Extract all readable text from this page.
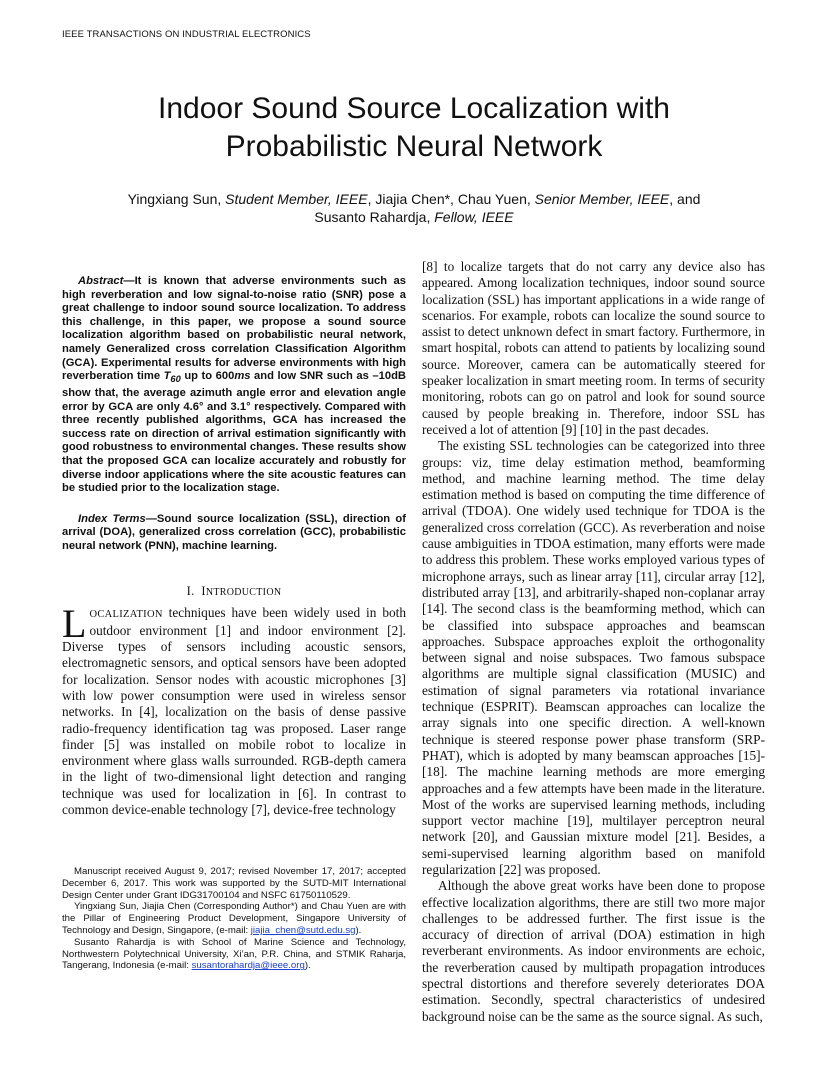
IEEE TRANSACTIONS ON INDUSTRIAL ELECTRONICS
Indoor Sound Source Localization with
Probabilistic Neural Network
Yingxiang Sun, Student Member, IEEE, Jiajia Chen*, Chau Yuen, Senior Member, IEEE, and
Susanto Rahardja, Fellow, IEEE

Abstract—It is known that adverse environments such as high reverberation and low signal-to-noise ratio (SNR) pose a great challenge to indoor sound source localization. To address this challenge, in this paper, we propose a sound source localization algorithm based on probabilistic neural network, namely Generalized cross correlation Classification Algorithm (GCA). Experimental results for adverse environments with high reverberation time $T_{60}$ up to 600ms and low SNR such as –10dB show that, the average azimuth angle error and elevation angle error by GCA are only 4.6° and 3.1° respectively. Compared with three recently published algorithms, GCA has increased the success rate on direction of arrival estimation significantly with good robustness to environmental changes. These results show that the proposed GCA can localize accurately and robustly for diverse indoor applications where the site acoustic features can be studied prior to the localization stage.

Index Terms—Sound source localization (SSL), direction of arrival (DOA), generalized cross correlation (GCC), probabilistic neural network (PNN), machine learning.

I. INTRODUCTION

LOCALIZATION techniques have been widely used in both outdoor environment [1] and indoor environment [2]. Diverse types of sensors including acoustic sensors, electromagnetic sensors, and optical sensors have been adopted for localization. Sensor nodes with acoustic microphones [3] with low power consumption were used in wireless sensor networks. In [4], localization on the basis of dense passive radio-frequency identification tag was proposed. Laser range finder [5] was installed on mobile robot to localize in environment where glass walls surrounded. RGB-depth camera in the light of two-dimensional light detection and ranging technique was used for localization in [6]. In contrast to common device-enable technology [7], device-free technology

[8] to localize targets that do not carry any device also has appeared. Among localization techniques, indoor sound source localization (SSL) has important applications in a wide range of scenarios. For example, robots can localize the sound source to assist to detect unknown defect in smart factory. Furthermore, in smart hospital, robots can attend to patients by localizing sound source. Moreover, camera can be automatically steered for speaker localization in smart meeting room. In terms of security monitoring, robots can go on patrol and look for sound source caused by people breaking in. Therefore, indoor SSL has received a lot of attention [9] [10] in the past decades.

The existing SSL technologies can be categorized into three groups: viz, time delay estimation method, beamforming method, and machine learning method. The time delay estimation method is based on computing the time difference of arrival (TDOA). One widely used technique for TDOA is the generalized cross correlation (GCC). As reverberation and noise cause ambiguities in TDOA estimation, many efforts were made to address this problem. These works employed various types of microphone arrays, such as linear array [11], circular array [12], distributed array [13], and arbitrarily-shaped non-coplanar array [14]. The second class is the beamforming method, which can be classified into subspace approaches and beamscan approaches. Subspace approaches exploit the orthogonality between signal and noise subspaces. Two famous subspace algorithms are multiple signal classification (MUSIC) and estimation of signal parameters via rotational invariance technique (ESPRIT). Beamscan approaches can localize the array signals into one specific direction. A well-known technique is steered response power phase transform (SRP-PHAT), which is adopted by many beamscan approaches [15]-[18]. The machine learning methods are more emerging approaches and a few attempts have been made in the literature. Most of the works are supervised learning methods, including support vector machine [19], multilayer perceptron neural network [20], and Gaussian mixture model [21]. Besides, a semi-supervised learning algorithm based on manifold regularization [22] was proposed.

Although the above great works have been done to propose effective localization algorithms, there are still two more major challenges to be addressed further. The first issue is the accuracy of direction of arrival (DOA) estimation in high reverberant environments. As indoor environments are echoic, the reverberation caused by multipath propagation introduces spectral distortions and therefore severely deteriorates DOA estimation. Secondly, spectral characteristics of undesired background noise can be the same as the source signal. As such,

Manuscript received August 9, 2017; revised November 17, 2017; accepted December 6, 2017. This work was supported by the SUTD-MIT International Design Center under Grant IDG31700104 and NSFC 61750110529.

Yingxiang Sun, Jiajia Chen (Corresponding Author*) and Chau Yuen are with the Pillar of Engineering Product Development, Singapore University of Technology and Design, Singapore, (e-mail: jiajia_chen@sutd.edu.sg).

Susanto Rahardja is with School of Marine Science and Technology, Northwestern Polytechnical University, Xi’an, P.R. China, and STMIK Raharja, Tangerang, Indonesia (e-mail: susantorahardja@ieee.org).
